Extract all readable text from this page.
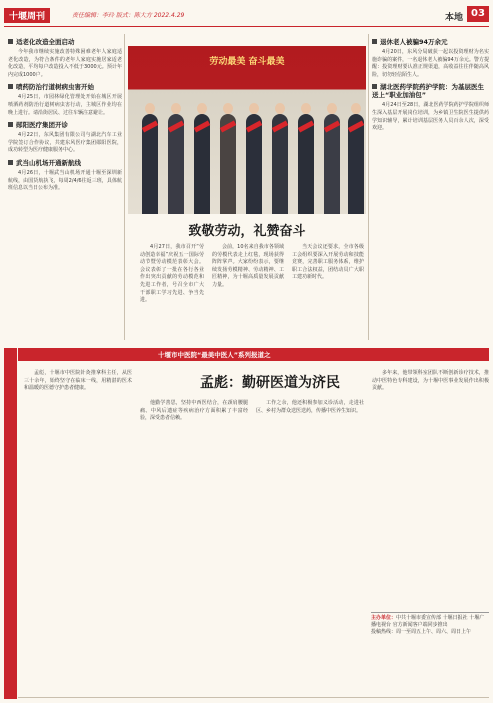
十堰周刊	责任编辑：李玲 版式：陈大方 2022.4.29	本地 03
适老化改造全面启动

今年我市继续实施改善特殊困难老年人家庭适老化改造，为符合条件的老年人家庭实施居家适老化改造，平均每户改造投入不低于3000元。预计年内完成1000户。

喷药防治行道树病虫害开始

4月25日，市园林绿化管理处开始在城区开展喷洒药剂防治行道树病虫害行动，主城区作业均在晚上进行。请沿街居民、过往车辆注意避让。

郧阳医疗集团开诊

4月22日，东风集团有限公司与湖北汽车工业学院签订合作协议，共建东风医疗集团郧阳医院，成功转型为医疗健康服务中心。

武当山机场开通新航线

4月26日，十堰武当山机场开通十堰至深圳新航线，由国货航执飞，每周2/4/6往返三班，具体航班信息以当日公布为准。

劳动最美 奋斗最美
致敬劳动，礼赞奋斗

4月27日，我市召开“劳动创造幸福”庆祝五一国际劳动节暨劳动模范表彰大会。会议表彰了一批在各行各业作出突出贡献的劳动模范和先进工作者，号召全市广大干部职工学习先进、争当先进。

会前，10名来自我市各领域的劳模代表走上红毯，现场获得阵阵掌声。大家纷纷表示，要继续发扬劳模精神、劳动精神、工匠精神，为十堰高质量发展贡献力量。

当天会议还要求，全市各级工会组织要深入开展劳动和技能竞赛，完善职工服务体系，维护职工合法权益，团结动员广大职工建功新时代。

退休老人被骗94万余元

4月20日，东风分局破获一起以投资理财为名实施诈骗的案件，一名退休老人被骗94万余元。警方提醒：投资理财要认准正规渠道，高收益往往伴随高风险，切勿轻信陌生人。

湖北医药学院药护学院：为基层医生送上“职业加油包”

4月24日至28日，湖北医药学院药护学院组织师生深入基层开展岗位培训，为乡镇卫生院医生提供药学知识辅导，累计培训基层医务人员百余人次，深受欢迎。

十堰市中医院“最美中医人”系列报道之
孟彪：勤研医道为济民

孟彪，十堰市中医院针灸推拿科主任，从医三十余年，始终坚守在临床一线，用精湛的医术和温暖的医德守护患者健康。

他勤学善思，坚持中西医结合，在颈肩腰腿痛、中风后遗症等疾病治疗方面积累了丰富经验，深受患者信赖。

工作之余，他还积极参加义诊活动，走进社区、乡村为群众送医送药，传播中医养生知识。

多年来，他带领科室团队不断创新诊疗技术，推动中医特色专科建设，为十堰中医事业发展作出积极贡献。

主办单位：中共十堰市委宣传部 十堰日报社 十堰广播电视台 官方新闻客户端同步推出
投稿热线：周一至周五上午、周六、周日上午
